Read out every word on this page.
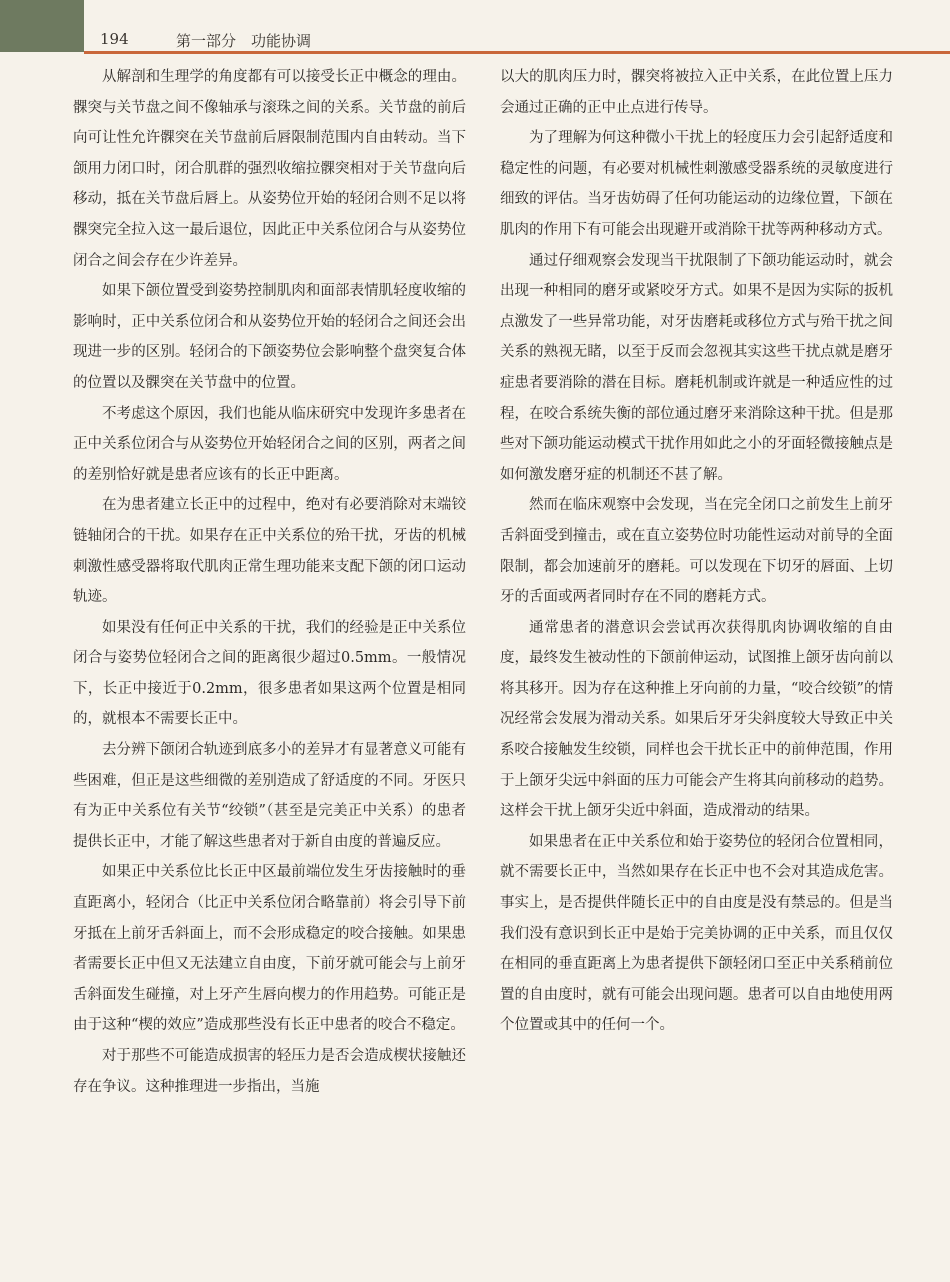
194	第一部分　功能协调

从解剖和生理学的角度都有可以接受长正中概念的理由。髁突与关节盘之间不像轴承与滚珠之间的关系。关节盘的前后向可让性允许髁突在关节盘前后唇限制范围内自由转动。当下颌用力闭口时，闭合肌群的强烈收缩拉髁突相对于关节盘向后移动，抵在关节盘后唇上。从姿势位开始的轻闭合则不足以将髁突完全拉入这一最后退位，因此正中关系位闭合与从姿势位闭合之间会存在少许差异。

如果下颌位置受到姿势控制肌肉和面部表情肌轻度收缩的影响时，正中关系位闭合和从姿势位开始的轻闭合之间还会出现进一步的区别。轻闭合的下颌姿势位会影响整个盘突复合体的位置以及髁突在关节盘中的位置。

不考虑这个原因，我们也能从临床研究中发现许多患者在正中关系位闭合与从姿势位开始轻闭合之间的区别，两者之间的差别恰好就是患者应该有的长正中距离。

在为患者建立长正中的过程中，绝对有必要消除对末端铰链轴闭合的干扰。如果存在正中关系位的殆干扰，牙齿的机械刺激性感受器将取代肌肉正常生理功能来支配下颌的闭口运动轨迹。

如果没有任何正中关系的干扰，我们的经验是正中关系位闭合与姿势位轻闭合之间的距离很少超过0.5mm。一般情况下，长正中接近于0.2mm，很多患者如果这两个位置是相同的，就根本不需要长正中。

去分辨下颌闭合轨迹到底多小的差异才有显著意义可能有些困难，但正是这些细微的差别造成了舒适度的不同。牙医只有为正中关系位有关节“绞锁”（甚至是完美正中关系）的患者提供长正中，才能了解这些患者对于新自由度的普遍反应。

如果正中关系位比长正中区最前端位发生牙齿接触时的垂直距离小，轻闭合（比正中关系位闭合略靠前）将会引导下前牙抵在上前牙舌斜面上，而不会形成稳定的咬合接触。如果患者需要长正中但又无法建立自由度，下前牙就可能会与上前牙舌斜面发生碰撞，对上牙产生唇向楔力的作用趋势。可能正是由于这种“楔的效应”造成那些没有长正中患者的咬合不稳定。

对于那些不可能造成损害的轻压力是否会造成楔状接触还存在争议。这种推理进一步指出，当施

以大的肌肉压力时，髁突将被拉入正中关系，在此位置上压力会通过正确的正中止点进行传导。

为了理解为何这种微小干扰上的轻度压力会引起舒适度和稳定性的问题，有必要对机械性刺激感受器系统的灵敏度进行细致的评估。当牙齿妨碍了任何功能运动的边缘位置，下颌在肌肉的作用下有可能会出现避开或消除干扰等两种移动方式。

通过仔细观察会发现当干扰限制了下颌功能运动时，就会出现一种相同的磨牙或紧咬牙方式。如果不是因为实际的扳机点激发了一些异常功能，对牙齿磨耗或移位方式与殆干扰之间关系的熟视无睹，以至于反而会忽视其实这些干扰点就是磨牙症患者要消除的潜在目标。磨耗机制或许就是一种适应性的过程，在咬合系统失衡的部位通过磨牙来消除这种干扰。但是那些对下颌功能运动模式干扰作用如此之小的牙面轻微接触点是如何激发磨牙症的机制还不甚了解。

然而在临床观察中会发现，当在完全闭口之前发生上前牙舌斜面受到撞击，或在直立姿势位时功能性运动对前导的全面限制，都会加速前牙的磨耗。可以发现在下切牙的唇面、上切牙的舌面或两者同时存在不同的磨耗方式。

通常患者的潜意识会尝试再次获得肌肉协调收缩的自由度，最终发生被动性的下颌前伸运动，试图推上颌牙齿向前以将其移开。因为存在这种推上牙向前的力量，“咬合绞锁”的情况经常会发展为滑动关系。如果后牙牙尖斜度较大导致正中关系咬合接触发生绞锁，同样也会干扰长正中的前伸范围，作用于上颌牙尖远中斜面的压力可能会产生将其向前移动的趋势。这样会干扰上颌牙尖近中斜面，造成滑动的结果。

如果患者在正中关系位和始于姿势位的轻闭合位置相同，就不需要长正中，当然如果存在长正中也不会对其造成危害。事实上，是否提供伴随长正中的自由度是没有禁忌的。但是当我们没有意识到长正中是始于完美协调的正中关系，而且仅仅在相同的垂直距离上为患者提供下颌轻闭口至正中关系稍前位置的自由度时，就有可能会出现问题。患者可以自由地使用两个位置或其中的任何一个。
